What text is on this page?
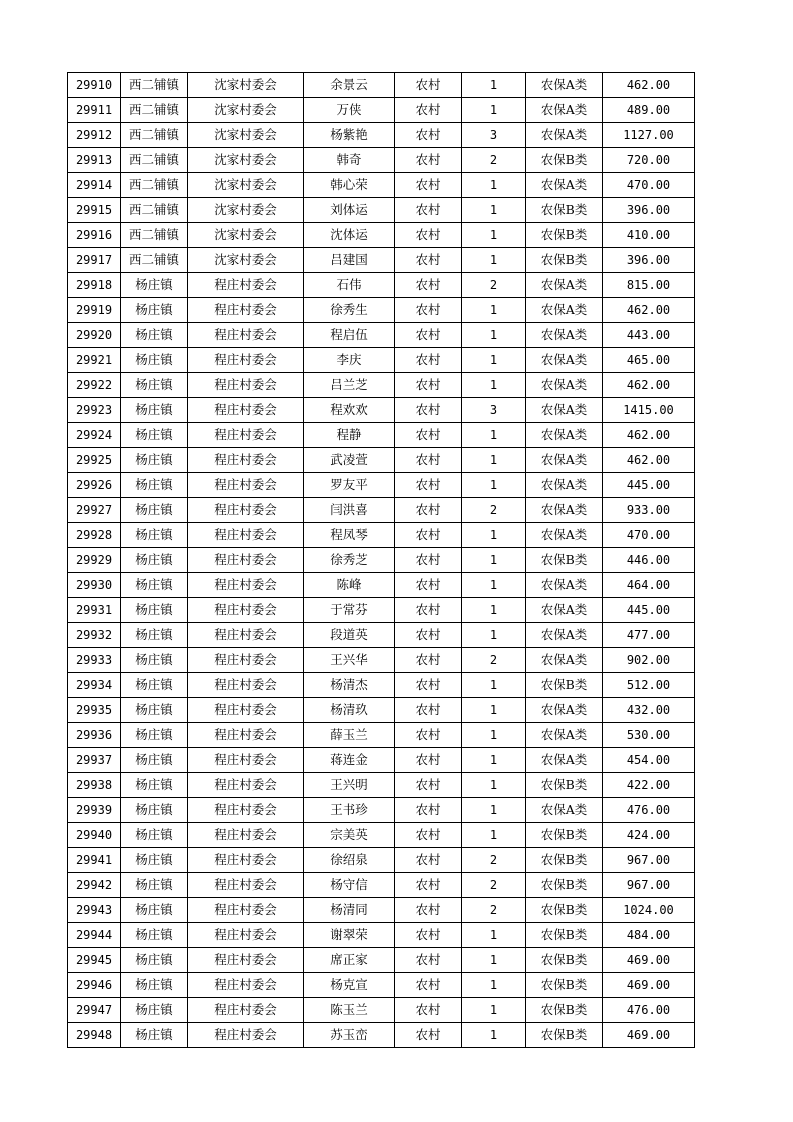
29910	西二铺镇	沈家村委会	余景云	农村	1	农保A类	462.00
29911	西二铺镇	沈家村委会	万侠	农村	1	农保A类	489.00
29912	西二铺镇	沈家村委会	杨紫艳	农村	3	农保A类	1127.00
29913	西二铺镇	沈家村委会	韩奇	农村	2	农保B类	720.00
29914	西二铺镇	沈家村委会	韩心荣	农村	1	农保A类	470.00
29915	西二铺镇	沈家村委会	刘体运	农村	1	农保B类	396.00
29916	西二铺镇	沈家村委会	沈体运	农村	1	农保B类	410.00
29917	西二铺镇	沈家村委会	吕建国	农村	1	农保B类	396.00
29918	杨庄镇	程庄村委会	石伟	农村	2	农保A类	815.00
29919	杨庄镇	程庄村委会	徐秀生	农村	1	农保A类	462.00
29920	杨庄镇	程庄村委会	程启伍	农村	1	农保A类	443.00
29921	杨庄镇	程庄村委会	李庆	农村	1	农保A类	465.00
29922	杨庄镇	程庄村委会	吕兰芝	农村	1	农保A类	462.00
29923	杨庄镇	程庄村委会	程欢欢	农村	3	农保A类	1415.00
29924	杨庄镇	程庄村委会	程静	农村	1	农保A类	462.00
29925	杨庄镇	程庄村委会	武凌萱	农村	1	农保A类	462.00
29926	杨庄镇	程庄村委会	罗友平	农村	1	农保A类	445.00
29927	杨庄镇	程庄村委会	闫洪喜	农村	2	农保A类	933.00
29928	杨庄镇	程庄村委会	程凤琴	农村	1	农保A类	470.00
29929	杨庄镇	程庄村委会	徐秀芝	农村	1	农保B类	446.00
29930	杨庄镇	程庄村委会	陈峰	农村	1	农保A类	464.00
29931	杨庄镇	程庄村委会	于常芬	农村	1	农保A类	445.00
29932	杨庄镇	程庄村委会	段道英	农村	1	农保A类	477.00
29933	杨庄镇	程庄村委会	王兴华	农村	2	农保A类	902.00
29934	杨庄镇	程庄村委会	杨清杰	农村	1	农保B类	512.00
29935	杨庄镇	程庄村委会	杨清玖	农村	1	农保A类	432.00
29936	杨庄镇	程庄村委会	薛玉兰	农村	1	农保A类	530.00
29937	杨庄镇	程庄村委会	蒋连金	农村	1	农保A类	454.00
29938	杨庄镇	程庄村委会	王兴明	农村	1	农保B类	422.00
29939	杨庄镇	程庄村委会	王书珍	农村	1	农保A类	476.00
29940	杨庄镇	程庄村委会	宗美英	农村	1	农保B类	424.00
29941	杨庄镇	程庄村委会	徐绍泉	农村	2	农保B类	967.00
29942	杨庄镇	程庄村委会	杨守信	农村	2	农保B类	967.00
29943	杨庄镇	程庄村委会	杨清同	农村	2	农保B类	1024.00
29944	杨庄镇	程庄村委会	谢翠荣	农村	1	农保B类	484.00
29945	杨庄镇	程庄村委会	席正家	农村	1	农保B类	469.00
29946	杨庄镇	程庄村委会	杨克宣	农村	1	农保B类	469.00
29947	杨庄镇	程庄村委会	陈玉兰	农村	1	农保B类	476.00
29948	杨庄镇	程庄村委会	苏玉峦	农村	1	农保B类	469.00
